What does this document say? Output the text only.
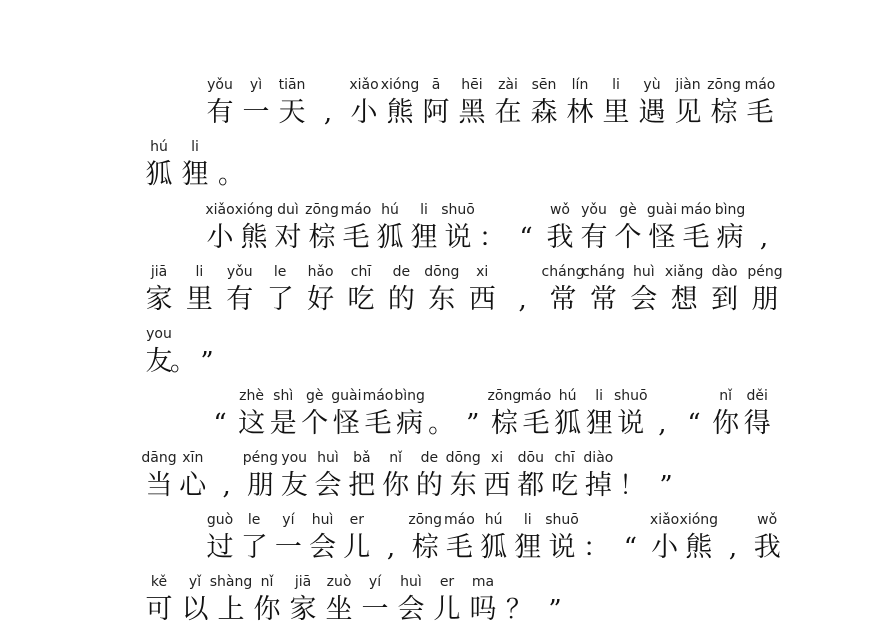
yǒu
有
yì
一
tiān
天 ,
xiǎo
小
xióng
熊
ā
阿
hēi
黑
zài
在
sēn
森
lín
林
li
里
yù
遇
jiàn
见
zōng
棕
máo
毛
hú
狐
li
狸 。
xiǎo
小
xióng
熊
duì
对
zōng
棕
máo
毛
hú
狐
li
狸
shuō
说 ： “
wǒ
我
yǒu
有
gè
个
guài
怪
máo
毛
bìng
病 ,
jiā
家
li
里
yǒu
有
le
了
hǎo
好
chī
吃
de
的
dōng
东
xi
西 ,
cháng
常
cháng
常
huì
会
xiǎng
想
dào
到
péng
朋
you
友
。 ”
“
zhè
这
shì
是
gè
个
guài
怪
máo
毛
bìng
病 。 ”
zōng
棕
máo
毛
hú
狐
li
狸
shuō
说 , “
nǐ
你
děi
得
dāng
当
xīn
心 ,
péng
朋
you
友
huì
会
bǎ
把
nǐ
你
de
的
dōng
东
xi
西
dōu
都
chī
吃
diào
掉 ！ ”
guò
过
le
了
yí
一
huì
会
er
儿 ,
zōng
棕
máo
毛
hú
狐
li
狸
shuō
说 ： “
xiǎo
小
xióng
熊 ,
wǒ
我
kě
可
yǐ
以
shàng
上
nǐ
你
jiā
家
zuò
坐
yí
一
huì
会
er
儿
ma
吗 ？ ”
